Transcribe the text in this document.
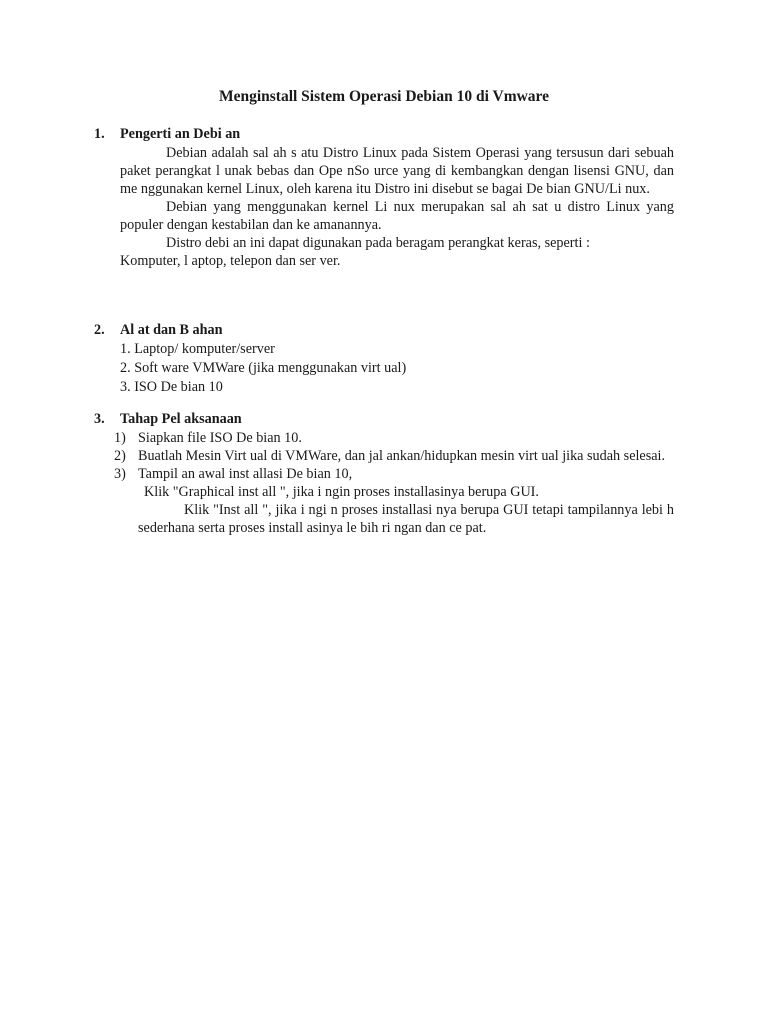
Menginstall Sistem Operasi Debian 10 di Vmware
1.	Pengerti an Debi an

Debian adalah sal ah s atu Distro Linux pada Sistem Operasi yang tersusun dari sebuah paket perangkat l unak bebas dan Ope nSo urce yang di kembangkan dengan lisensi GNU, dan me nggunakan kernel Linux, oleh karena itu Distro ini disebut se bagai De bian GNU/Li nux.

Debian yang menggunakan kernel Li nux merupakan sal ah sat u distro Linux yang populer dengan kestabilan dan ke amanannya.

Distro debi an ini dapat digunakan pada beragam perangkat keras, seperti :

Komputer, l aptop, telepon dan ser ver.

2.	Al at dan B ahan
1. Laptop/ komputer/server
2. Soft ware VMWare (jika menggunakan virt ual)
3. ISO De bian 10
3.	Tahap Pel aksanaan
1) Siapkan file ISO De bian 10.
2) Buatlah Mesin Virt ual di VMWare, dan jal ankan/hidupkan mesin virt ual jika sudah selesai.
3) Tampil an awal inst allasi De bian 10,

Klik "Graphical inst all ", jika i ngin proses installasinya berupa GUI.

Klik "Inst all ", jika i ngi n proses installasi nya berupa GUI tetapi tampilannya lebi h sederhana serta proses install asinya le bih ri ngan dan ce pat.
